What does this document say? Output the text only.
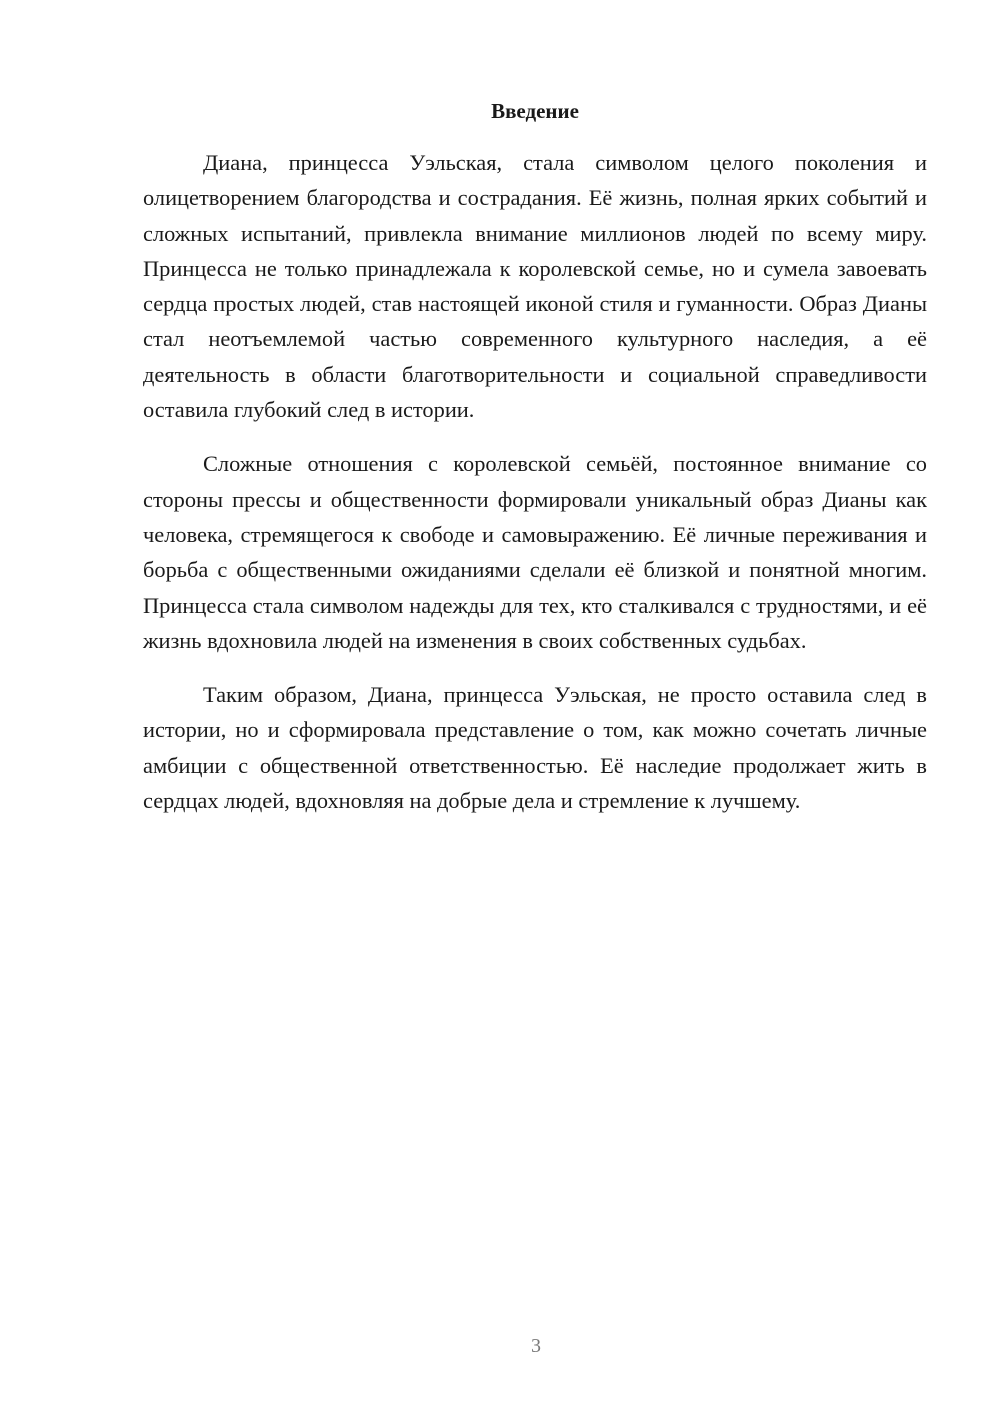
Введение

Диана, принцесса Уэльская, стала символом целого поколения и олицетворением благородства и сострадания. Её жизнь, полная ярких событий и сложных испытаний, привлекла внимание миллионов людей по всему миру. Принцесса не только принадлежала к королевской семье, но и сумела завоевать сердца простых людей, став настоящей иконой стиля и гуманности. Образ Дианы стал неотъемлемой частью современного культурного наследия, а её деятельность в области благотворительности и социальной справедливости оставила глубокий след в истории.

Сложные отношения с королевской семьёй, постоянное внимание со стороны прессы и общественности формировали уникальный образ Дианы как человека, стремящегося к свободе и самовыражению. Её личные переживания и борьба с общественными ожиданиями сделали её близкой и понятной многим. Принцесса стала символом надежды для тех, кто сталкивался с трудностями, и её жизнь вдохновила людей на изменения в своих собственных судьбах.

Таким образом, Диана, принцесса Уэльская, не просто оставила след в истории, но и сформировала представление о том, как можно сочетать личные амбиции с общественной ответственностью. Её наследие продолжает жить в сердцах людей, вдохновляя на добрые дела и стремление к лучшему.

3
